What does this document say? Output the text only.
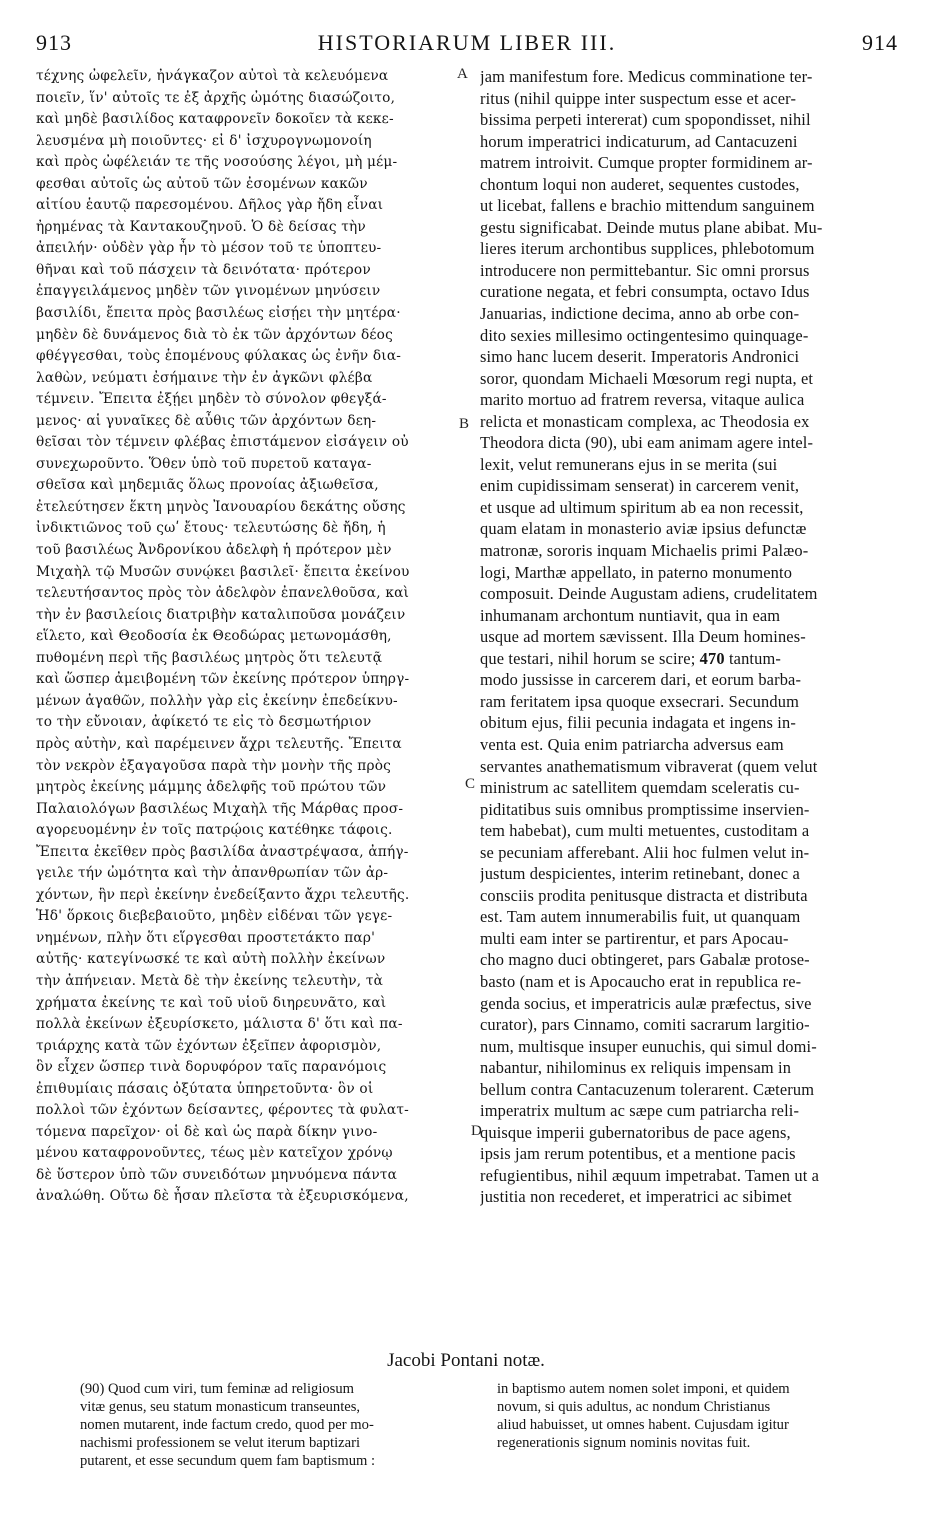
913	HISTORIARUM LIBER III.	914
τέχνης ὠφελεῖν, ἠνάγκαζον αὐτοὶ τὰ κελευόμενα
ποιεῖν, ἵν' αὐτοῖς τε ἐξ ἀρχῆς ὠμότης διασώζοιτο,
καὶ μηδὲ βασιλίδος καταφρονεῖν δοκοῖεν τὰ κεκε-
λευσμένα μὴ ποιοῦντες· εἰ δ' ἰσχυρογνωμονοίη
καὶ πρὸς ὠφέλειάν τε τῆς νοσούσης λέγοι, μὴ μέμ-
φεσθαι αὐτοῖς ὡς αὐτοῦ τῶν ἐσομένων κακῶν
αἰτίου ἑαυτῷ παρεσομένου. Δῆλος γὰρ ἤδη εἶναι
ἠρημένας τὰ Καντακουζηνοῦ. Ὁ δὲ δείσας τὴν
ἀπειλήν· οὐδὲν γὰρ ἦν τὸ μέσον τοῦ τε ὑποπτευ-
θῆναι καὶ τοῦ πάσχειν τὰ δεινότατα· πρότερον
ἐπαγγειλάμενος μηδὲν τῶν γινομένων μηνύσειν
βασιλίδι, ἔπειτα πρὸς βασιλέως εἰσῄει τὴν μητέρα·
μηδὲν δὲ δυνάμενος διὰ τὸ ἐκ τῶν ἀρχόντων δέος
φθέγγεσθαι, τοὺς ἑπομένους φύλακας ὡς ἐνῆν δια-
λαθὼν, νεύματι ἐσήμαινε τὴν ἐν ἀγκῶνι φλέβα
τέμνειν. Ἔπειτα ἐξῄει μηδὲν τὸ σύνολον φθεγξά-
μενος· αἱ γυναῖκες δὲ αὖθις τῶν ἀρχόντων δεη-
θεῖσαι τὸν τέμνειν φλέβας ἐπιστάμενον εἰσάγειν οὐ
συνεχωροῦντο. Ὅθεν ὑπὸ τοῦ πυρετοῦ καταγα-
σθεῖσα καὶ μηδεμιᾶς ὅλως προνοίας ἀξιωθεῖσα,
ἐτελεύτησεν ἕκτη μηνὸς Ἰανουαρίου δεκάτης οὔσης
ἰνδικτιῶνος τοῦ ςωʹ ἔτους· τελευτώσης δὲ ἤδη, ἡ
τοῦ βασιλέως Ἀνδρονίκου ἀδελφὴ ἡ πρότερον μὲν
Μιχαὴλ τῷ Μυσῶν συνῴκει βασιλεῖ· ἔπειτα ἐκείνου
τελευτήσαντος πρὸς τὸν ἀδελφὸν ἐπανελθοῦσα, καὶ
τὴν ἐν βασιλείοις διατριβὴν καταλιποῦσα μονάζειν
εἵλετο, καὶ Θεοδοσία ἐκ Θεοδώρας μετωνομάσθη,
πυθομένη περὶ τῆς βασιλέως μητρὸς ὅτι τελευτᾷ
καὶ ὥσπερ ἀμειβομένη τῶν ἐκείνης πρότερον ὑπηργ-
μένων ἀγαθῶν, πολλὴν γὰρ εἰς ἐκείνην ἐπεδείκνυ-
το τὴν εὔνοιαν, ἀφίκετό τε εἰς τὸ δεσμωτήριον
πρὸς αὐτὴν, καὶ παρέμεινεν ἄχρι τελευτῆς. Ἔπειτα
τὸν νεκρὸν ἐξαγαγοῦσα παρὰ τὴν μονὴν τῆς πρὸς
μητρὸς ἐκείνης μάμμης ἀδελφῆς τοῦ πρώτου τῶν
Παλαιολόγων βασιλέως Μιχαὴλ τῆς Μάρθας προσ-
αγορευομένην ἐν τοῖς πατρῴοις κατέθηκε τάφοις.
Ἔπειτα ἐκεῖθεν πρὸς βασιλίδα ἀναστρέψασα, ἀπήγ-
γειλε τήν ὠμότητα καὶ τὴν ἀπανθρωπίαν τῶν ἀρ-
χόντων, ἣν περὶ ἐκείνην ἐνεδείξαντο ἄχρι τελευτῆς.
Ἡδ' ὅρκοις διεβεβαιοῦτο, μηδὲν εἰδέναι τῶν γεγε-
νημένων, πλὴν ὅτι εἵργεσθαι προστετάκτο παρ'
αὐτῆς· κατεγίνωσκέ τε καὶ αὐτὴ πολλὴν ἐκείνων
τὴν ἀπήνειαν. Μετὰ δὲ τὴν ἐκείνης τελευτὴν, τὰ
χρήματα ἐκείνης τε καὶ τοῦ υἱοῦ διηρευνᾶτο, καὶ
πολλὰ ἐκείνων ἐξευρίσκετο, μάλιστα δ' ὅτι καὶ πα-
τριάρχης κατὰ τῶν ἐχόντων ἐξεῖπεν ἀφορισμὸν,
ὃν εἶχεν ὥσπερ τινὰ δορυφόρον ταῖς παρανόμοις
ἐπιθυμίαις πάσαις ὀξύτατα ὑπηρετοῦντα· ὃν οἱ
πολλοὶ τῶν ἐχόντων δείσαντες, φέροντες τὰ φυλατ-
τόμενα παρεῖχον· οἱ δὲ καὶ ὡς παρὰ δίκην γινο-
μένου καταφρονοῦντες, τέως μὲν κατεῖχον χρόνῳ
δὲ ὕστερον ὑπὸ τῶν συνειδότων μηνυόμενα πάντα
ἀναλώθη. Οὕτω δὲ ἦσαν πλεῖστα τὰ ἐξευρισκόμενα,
A
B
C
D
jam manifestum fore. Medicus comminatione ter-
ritus (nihil quippe inter suspectum esse et acer-
bissima perpeti intererat) cum spopondisset, nihil
horum imperatrici indicaturum, ad Cantacuzeni
matrem introivit. Cumque propter formidinem ar-
chontum loqui non auderet, sequentes custodes,
ut licebat, fallens e brachio mittendum sanguinem
gestu significabat. Deinde mutus plane abibat. Mu-
lieres iterum archontibus supplices, phlebotomum
introducere non permittebantur. Sic omni prorsus
curatione negata, et febri consumpta, octavo Idus
Januarias, indictione decima, anno ab orbe con-
dito sexies millesimo octingentesimo quinquage-
simo hanc lucem deserit. Imperatoris Andronici
soror, quondam Michaeli Mœsorum regi nupta, et
marito mortuo ad fratrem reversa, vitaque aulica
relicta et monasticam complexa, ac Theodosia ex
Theodora dicta (90), ubi eam animam agere intel-
lexit, velut remunerans ejus in se merita (sui
enim cupidissimam senserat) in carcerem venit,
et usque ad ultimum spiritum ab ea non recessit,
quam elatam in monasterio aviæ ipsius defunctæ
matronæ, sororis inquam Michaelis primi Palæo-
logi, Marthæ appellato, in paterno monumento
composuit. Deinde Augustam adiens, crudelitatem
inhumanam archontum nuntiavit, qua in eam
usque ad mortem sævissent. Illa Deum homines-
que testari, nihil horum se scire; 470 tantum-
modo jussisse in carcerem dari, et eorum barba-
ram feritatem ipsa quoque exsecrari. Secundum
obitum ejus, filii pecunia indagata et ingens in-
venta est. Quia enim patriarcha adversus eam
servantes anathematismum vibraverat (quem velut
ministrum ac satellitem quemdam sceleratis cu-
piditatibus suis omnibus promptissime inservien-
tem habebat), cum multi metuentes, custoditam a
se pecuniam afferebant. Alii hoc fulmen velut in-
justum despicientes, interim retinebant, donec a
consciis prodita penitusque distracta et distributa
est. Tam autem innumerabilis fuit, ut quanquam
multi eam inter se partirentur, et pars Apocau-
cho magno duci obtingeret, pars Gabalæ protose-
basto (nam et is Apocaucho erat in republica re-
genda socius, et imperatricis aulæ præfectus, sive
curator), pars Cinnamo, comiti sacrarum largitio-
num, multisque insuper eunuchis, qui simul domi-
nabantur, nihilominus ex reliquis impensam in
bellum contra Cantacuzenum tolerarent. Cæterum
imperatrix multum ac sæpe cum patriarcha reli-
quisque imperii gubernatoribus de pace agens,
ipsis jam rerum potentibus, et a mentione pacis
refugientibus, nihil æquum impetrabat. Tamen ut a
justitia non recederet, et imperatrici ac sibimet
Jacobi Pontani notæ.
(90) Quod cum viri, tum feminæ ad religiosum
vitæ genus, seu statum monasticum transeuntes,
nomen mutarent, inde factum credo, quod per mo-
nachismi professionem se velut iterum baptizari
putarent, et esse secundum quem fam baptismum :
in baptismo autem nomen solet imponi, et quidem
novum, si quis adultus, ac nondum Christianus
aliud habuisset, ut omnes habent. Cujusdam igitur
regenerationis signum nominis novitas fuit.
